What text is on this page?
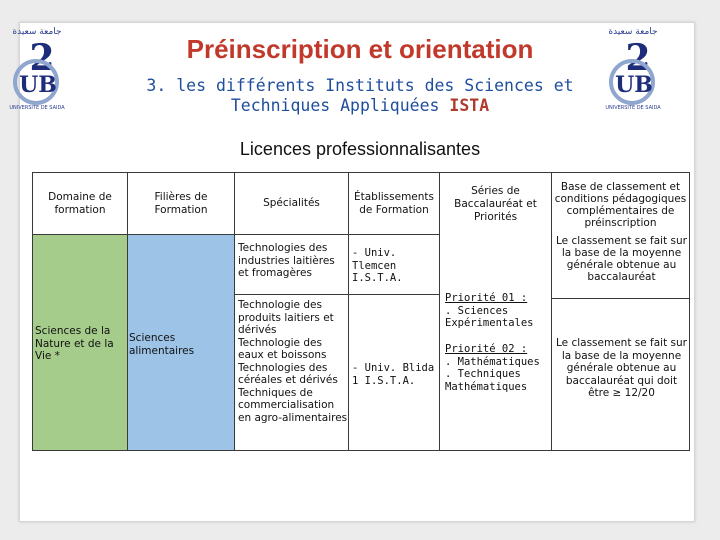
جامعة سعيدة
2
UB
UNIVERSITE DE SAIDA
جامعة سعيدة
2
UB
UNIVERSITE DE SAIDA
Préinscription et orientation
3. les différents Instituts des Sciences et
Techniques Appliquées ISTA
Licences professionnalisantes
Domaine de formation
Filières de Formation
Spécialités
Établissements de Formation
Séries de Baccalauréat et Priorités
Base de classement et conditions pédagogiques complémentaires de préinscription
Sciences de la Nature et de la Vie *
Sciences alimentaires
Technologies des industries laitières et fromagères
Technologie des produits laitiers et dérivés
Technologie des eaux et boissons
Technologies des céréales et dérivés
Techniques de commercialisation en agro-alimentaires
- Univ. Tlemcen I.S.T.A.
- Univ. Blida 1 I.S.T.A.
Priorité 01 :
. Sciences Expérimentales
Priorité 02 :
. Mathématiques
. Techniques Mathématiques
Le classement se fait sur la base de la moyenne générale obtenue au baccalauréat
Le classement se fait sur la base de la moyenne générale obtenue au baccalauréat qui doit être ≥ 12/20
